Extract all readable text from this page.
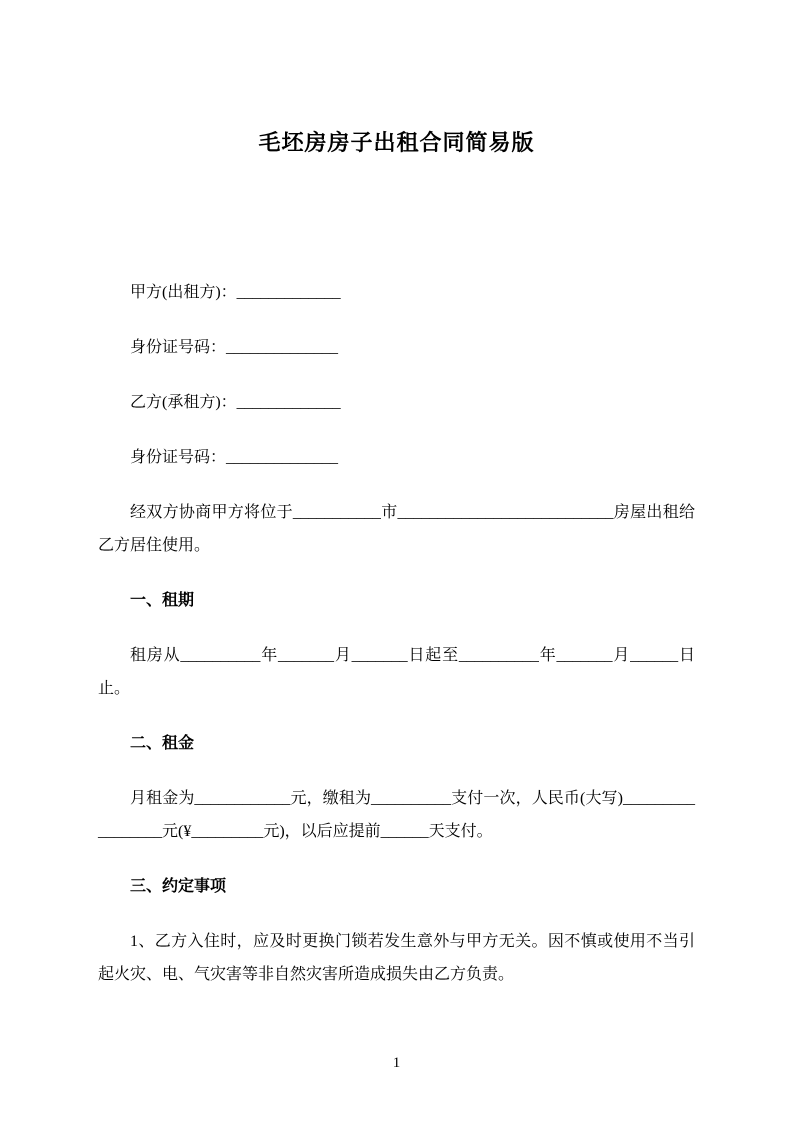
毛坯房房子出租合同简易版

甲方(出租方)：_____________

身份证号码：______________

乙方(承租方)：_____________

身份证号码：______________

经双方协商甲方将位于___________市___________________________房屋出租给乙方居住使用。

一、租期

租房从__________年_______月_______日起至__________年_______月______日止。

二、租金

月租金为____________元，缴租为__________支付一次，人民币(大写)_________________元(¥_________元)，以后应提前______天支付。

三、约定事项

1、乙方入住时，应及时更换门锁若发生意外与甲方无关。因不慎或使用不当引起火灾、电、气灾害等非自然灾害所造成损失由乙方负责。

1
